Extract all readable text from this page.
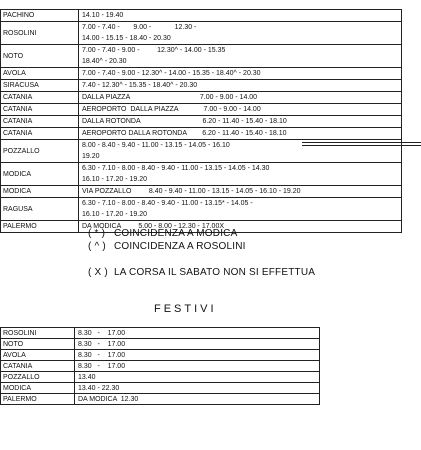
PACHINO	14.10 - 19.40

ROSOLINI	7.00 - 7.40 -       9.00 -            12.30 -
14.00 - 15.15 - 18.40 - 20.30

NOTO	7.00 - 7.40 - 9.00 -         12.30^ - 14.00 - 15.35
18.40^ - 20.30

AVOLA	7.00 - 7.40 - 9.00 - 12.30^ - 14.00 - 15.35 - 18.40^ - 20.30

SIRACUSA	7.40 - 12.30^ - 15.35 - 18.40^ - 20.30

CATANIA	DALLA PIAZZA                                    7.00 - 9.00 - 14.00

CATANIA	AEROPORTO  DALLA PIAZZA             7.00 - 9.00 - 14.00

CATANIA	DALLA ROTONDA                                6.20 - 11.40 - 15.40 - 18.10

CATANIA	AEROPORTO DALLA ROTONDA        6.20 - 11.40 - 15.40 - 18.10

POZZALLO	8.00 - 8.40 - 9.40 - 11.00 - 13.15 - 14.05 - 16.10
19.20

MODICA	6.30 - 7.10 - 8.00 - 8.40 - 9.40 - 11.00 - 13.15 - 14.05 - 14.30
16.10 - 17.20 - 19.20

MODICA	VIA POZZALLO         8.40 - 9.40 - 11.00 - 13.15 - 14.05 - 16.10 - 19.20

RAGUSA	6.30 - 7.10 - 8.00 - 8.40 - 9.40 - 11.00 - 13.15* - 14.05 -
16.10 - 17.20 - 19.20

PALERMO	DA MODICA         5.00 - 8.00 - 12.30 - 17.00X
( * ) COINCIDENZA A MODICA
( ^ ) COINCIDENZA A ROSOLINI
( X ) LA CORSA IL SABATO NON SI EFFETTUA
FESTIVI
ROSOLINI	8.30   -    17.00
NOTO	8.30   -    17.00
AVOLA	8.30   -    17.00
CATANIA	8.30   -    17.00
POZZALLO	13.40
MODICA	13.40 - 22.30
PALERMO	DA MODICA  12.30
